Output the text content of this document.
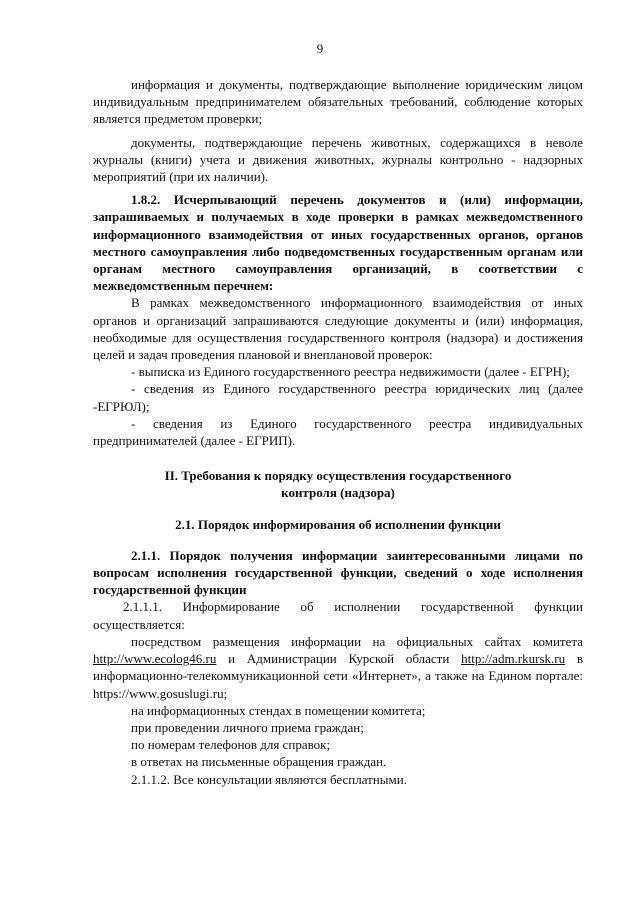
9

информация и документы, подтверждающие выполнение юридическим лицом индивидуальным предпринимателем обязательных требований, соблюдение которых является предметом проверки;

документы, подтверждающие перечень животных, содержащихся в неволе журналы (книги) учета и движения животных, журналы контрольно - надзорных мероприятий (при их наличии).

1.8.2. Исчерпывающий перечень документов и (или) информации, запрашиваемых и получаемых в ходе проверки в рамках межведомственного информационного взаимодействия от иных государственных органов, органов местного самоуправления либо подведомственных государственным органам или органам местного самоуправления организаций, в соответствии с межведомственным перечнем:

В рамках межведомственного информационного взаимодействия от иных органов и организаций запрашиваются следующие документы и (или) информация, необходимые для осуществления государственного контроля (надзора) и достижения целей и задач проведения плановой и внеплановой проверок:

- выписка из Единого государственного реестра недвижимости (далее - ЕГРН);

- сведения из Единого государственного реестра юридических лиц (далее -ЕГРЮЛ);

- сведения из Единого государственного реестра индивидуальных предпринимателей (далее - ЕГРИП).

II. Требования к порядку осуществления государственного

контроля (надзора)

2.1. Порядок информирования об исполнении функции

2.1.1. Порядок получения информации заинтересованными лицами по вопросам исполнения государственной функции, сведений о ходе исполнения государственной функции

2.1.1.1. Информирование об исполнении государственной функции осуществляется:

посредством размещения информации на официальных сайтах комитета http://www.ecolog46.ru и Администрации Курской области http://adm.rkursk.ru в информационно-телекоммуникационной сети «Интернет», а также на Едином портале: https://www.gosuslugi.ru;

на информационных стендах в помещении комитета;

при проведении личного приема граждан;

по номерам телефонов для справок;

в ответах на письменные обращения граждан.

2.1.1.2. Все консультации являются бесплатными.
